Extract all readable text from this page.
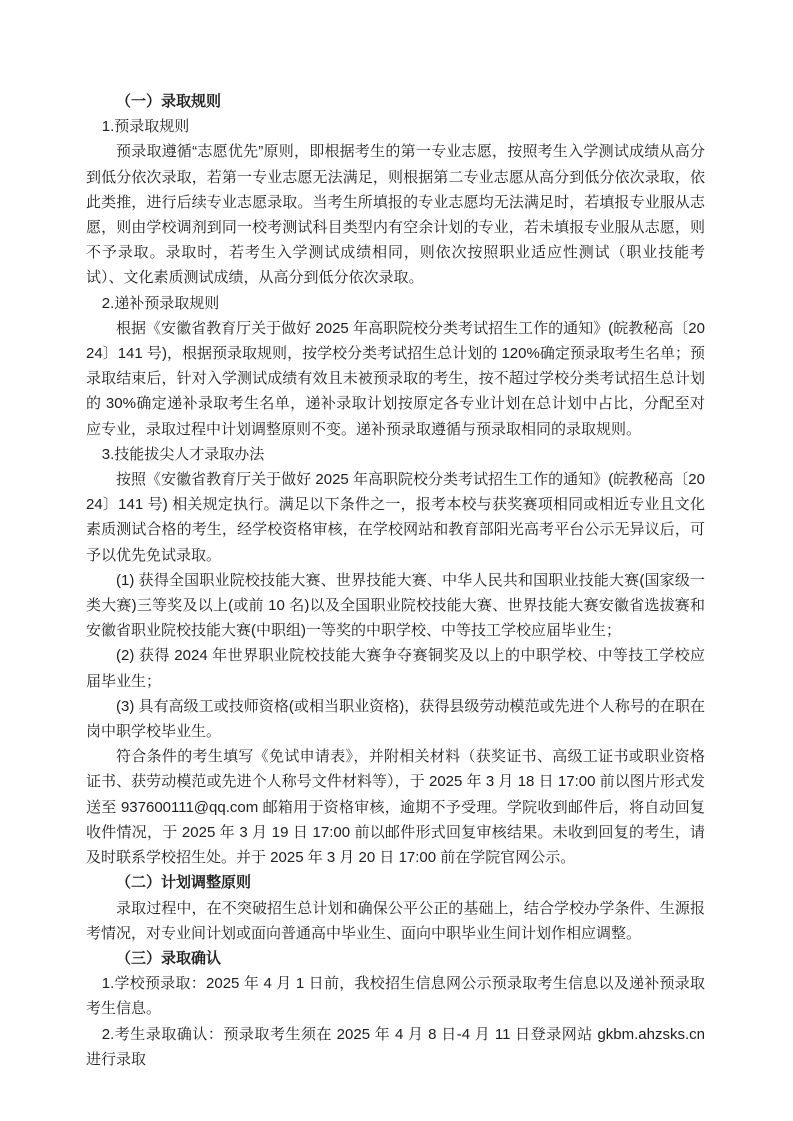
（一）录取规则

1.预录取规则

预录取遵循“志愿优先”原则，即根据考生的第一专业志愿，按照考生入学测试成绩从高分到低分依次录取，若第一专业志愿无法满足，则根据第二专业志愿从高分到低分依次录取，依此类推，进行后续专业志愿录取。当考生所填报的专业志愿均无法满足时，若填报专业服从志愿，则由学校调剂到同一校考测试科目类型内有空余计划的专业，若未填报专业服从志愿，则不予录取。录取时，若考生入学测试成绩相同，则依次按照职业适应性测试（职业技能考试）、文化素质测试成绩，从高分到低分依次录取。

2.递补预录取规则

根据《安徽省教育厅关于做好 2025 年高职院校分类考试招生工作的通知》(皖教秘高〔2024〕141 号)，根据预录取规则，按学校分类考试招生总计划的 120%确定预录取考生名单；预录取结束后，针对入学测试成绩有效且未被预录取的考生，按不超过学校分类考试招生总计划的 30%确定递补录取考生名单，递补录取计划按原定各专业计划在总计划中占比，分配至对应专业，录取过程中计划调整原则不变。递补预录取遵循与预录取相同的录取规则。

3.技能拔尖人才录取办法

按照《安徽省教育厅关于做好 2025 年高职院校分类考试招生工作的通知》(皖教秘高〔2024〕141 号) 相关规定执行。满足以下条件之一，报考本校与获奖赛项相同或相近专业且文化素质测试合格的考生，经学校资格审核，在学校网站和教育部阳光高考平台公示无异议后，可予以优先免试录取。

(1) 获得全国职业院校技能大赛、世界技能大赛、中华人民共和国职业技能大赛(国家级一类大赛)三等奖及以上(或前 10 名)以及全国职业院校技能大赛、世界技能大赛安徽省选拔赛和安徽省职业院校技能大赛(中职组)一等奖的中职学校、中等技工学校应届毕业生；

(2) 获得 2024 年世界职业院校技能大赛争夺赛铜奖及以上的中职学校、中等技工学校应届毕业生；

(3) 具有高级工或技师资格(或相当职业资格)，获得县级劳动模范或先进个人称号的在职在岗中职学校毕业生。

符合条件的考生填写《免试申请表》，并附相关材料（获奖证书、高级工证书或职业资格证书、获劳动模范或先进个人称号文件材料等），于 2025 年 3 月 18 日 17:00 前以图片形式发送至 937600111@qq.com 邮箱用于资格审核，逾期不予受理。学院收到邮件后，将自动回复收件情况，于 2025 年 3 月 19 日 17:00 前以邮件形式回复审核结果。未收到回复的考生，请及时联系学校招生处。并于 2025 年 3 月 20 日 17:00 前在学院官网公示。

（二）计划调整原则

录取过程中，在不突破招生总计划和确保公平公正的基础上，结合学校办学条件、生源报考情况，对专业间计划或面向普通高中毕业生、面向中职毕业生间计划作相应调整。

（三）录取确认

1.学校预录取：2025 年 4 月 1 日前，我校招生信息网公示预录取考生信息以及递补预录取考生信息。

2.考生录取确认：预录取考生须在 2025 年 4 月 8 日-4 月 11 日登录网站 gkbm.ahzsks.cn 进行录取
